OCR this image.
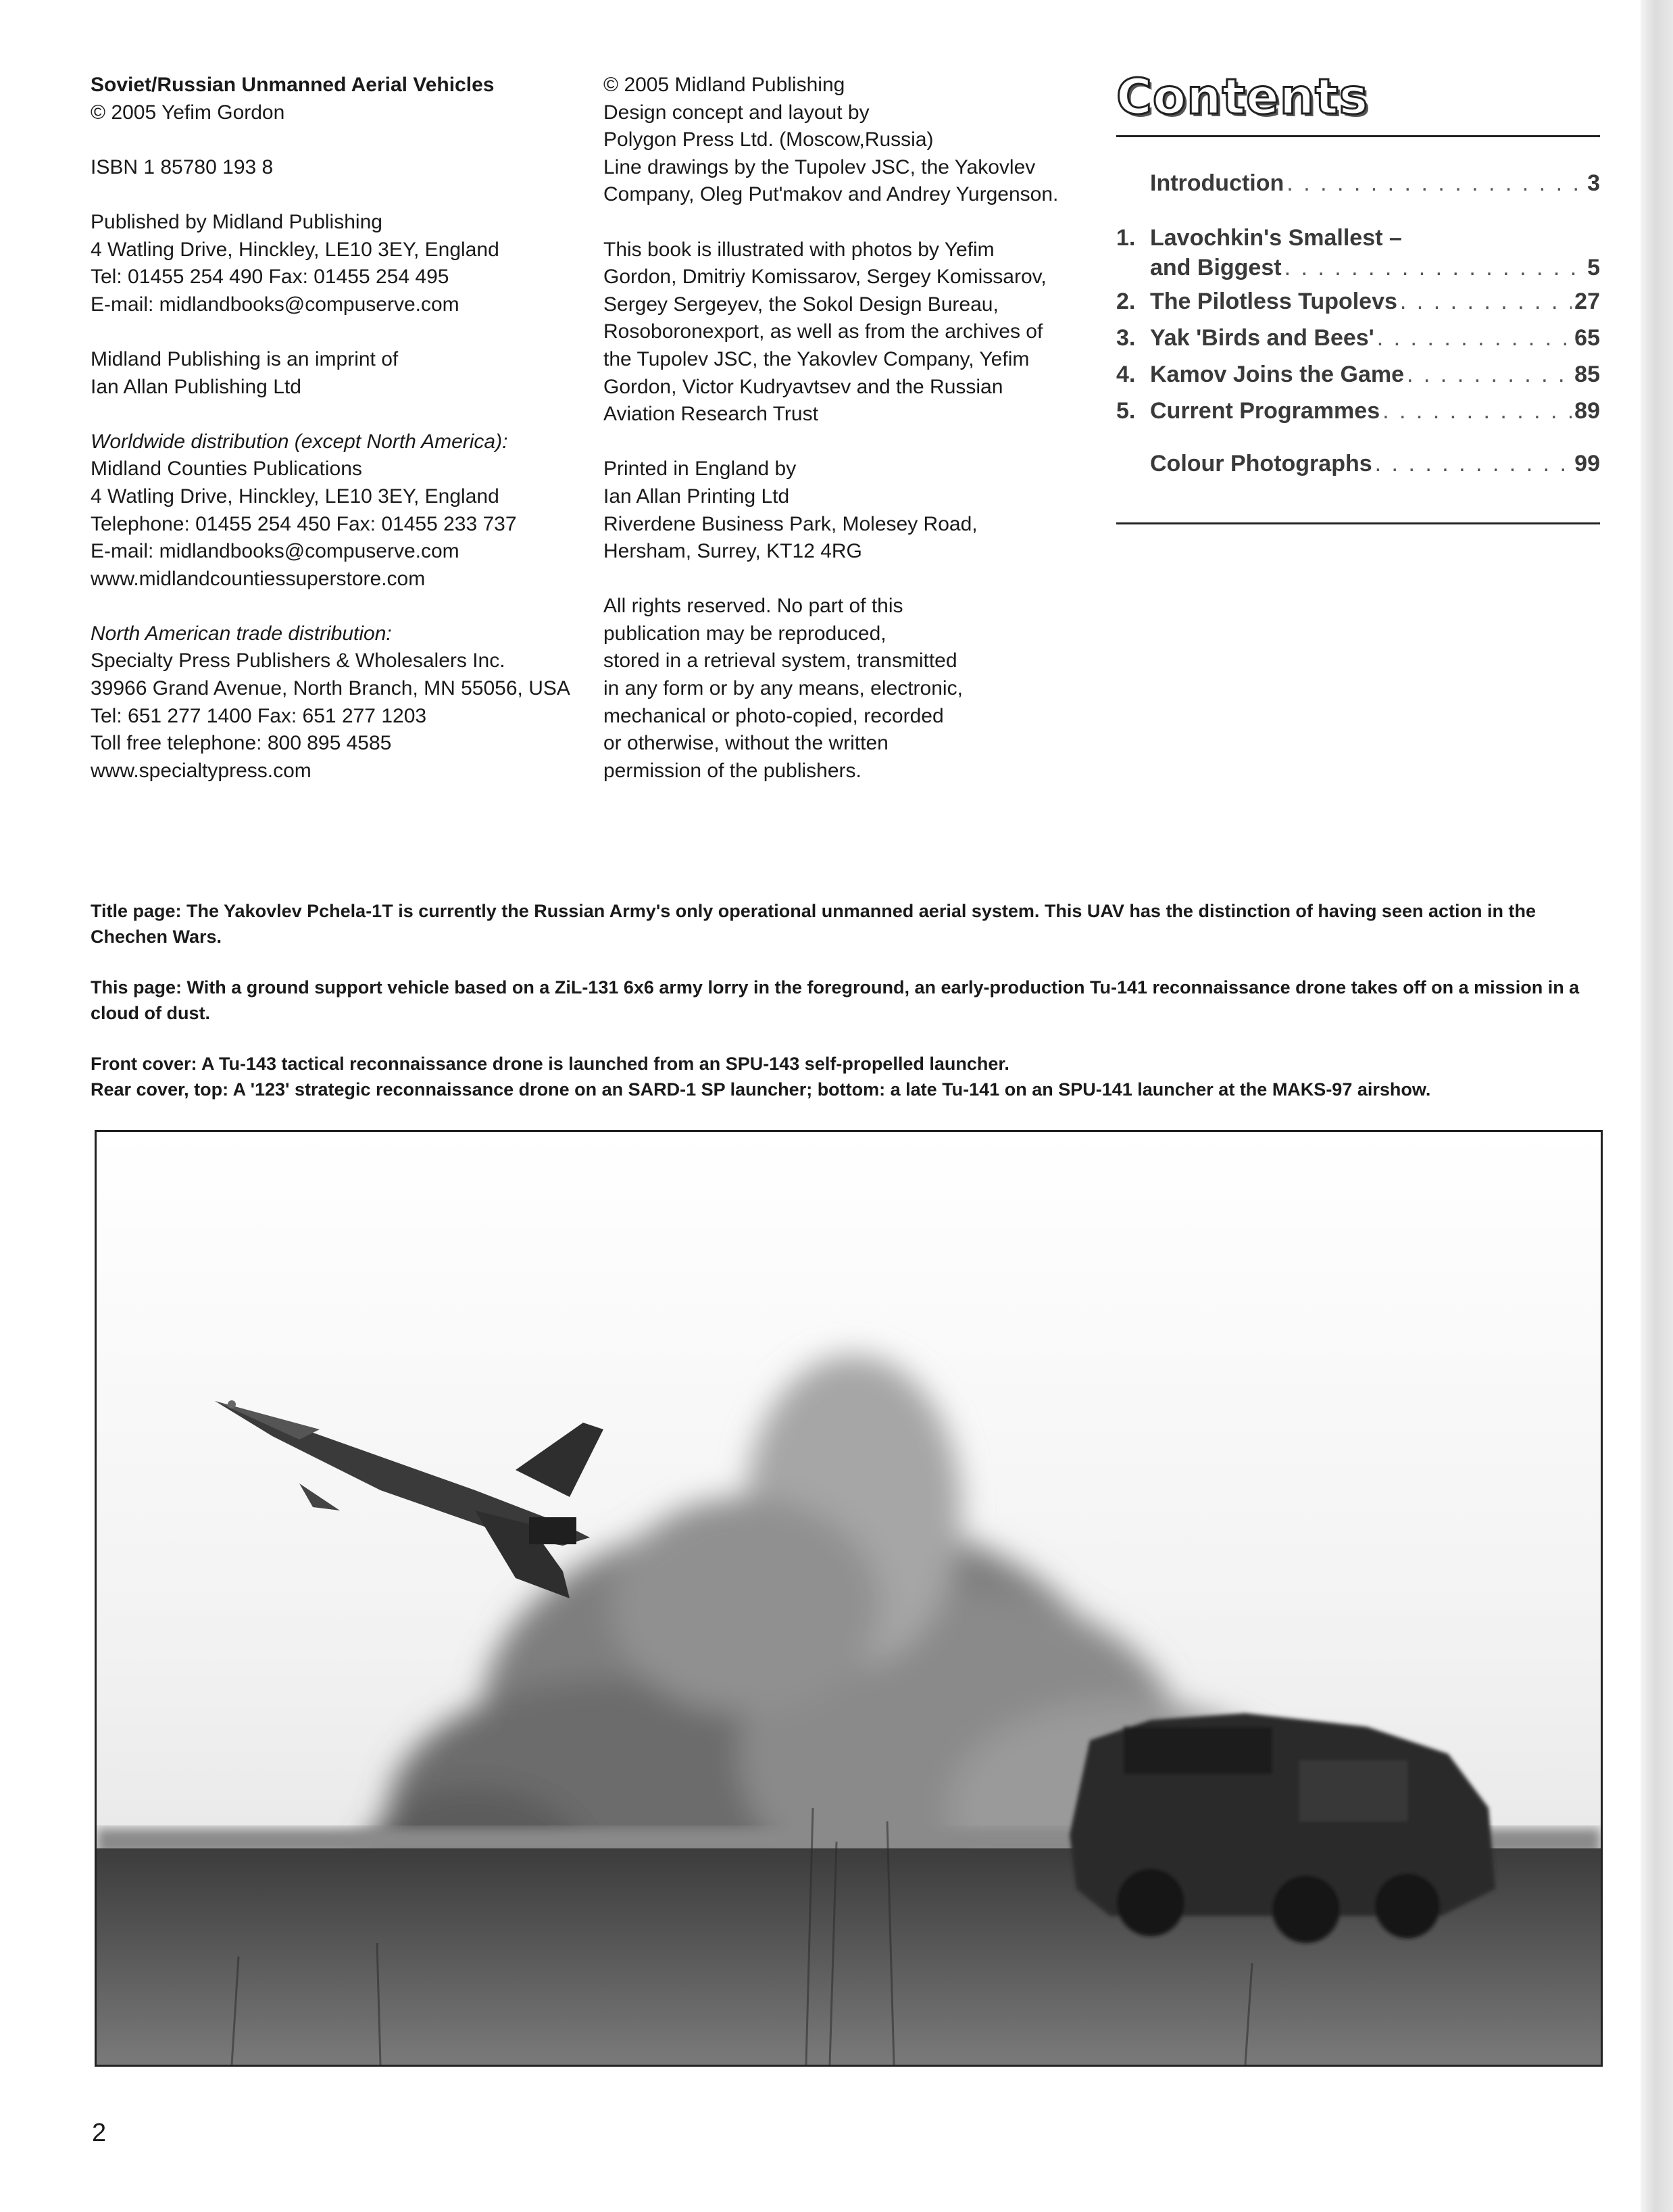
Soviet/Russian Unmanned Aerial Vehicles
© 2005 Yefim Gordon

ISBN 1 85780 193 8

Published by Midland Publishing
4 Watling Drive, Hinckley, LE10 3EY, England
Tel: 01455 254 490 Fax: 01455 254 495
E-mail: midlandbooks@compuserve.com

Midland Publishing is an imprint of
Ian Allan Publishing Ltd

Worldwide distribution (except North America):
Midland Counties Publications
4 Watling Drive, Hinckley, LE10 3EY, England
Telephone: 01455 254 450 Fax: 01455 233 737
E-mail: midlandbooks@compuserve.com
www.midlandcountiessuperstore.com

North American trade distribution:
Specialty Press Publishers & Wholesalers Inc.
39966 Grand Avenue, North Branch, MN 55056, USA
Tel: 651 277 1400 Fax: 651 277 1203
Toll free telephone: 800 895 4585
www.specialtypress.com

© 2005 Midland Publishing
Design concept and layout by
Polygon Press Ltd. (Moscow,Russia)
Line drawings by the Tupolev JSC, the Yakovlev
Company, Oleg Put'makov and Andrey Yurgenson.

This book is illustrated with photos by Yefim
Gordon, Dmitriy Komissarov, Sergey Komissarov,
Sergey Sergeyev, the Sokol Design Bureau,
Rosoboronexport, as well as from the archives of
the Tupolev JSC, the Yakovlev Company, Yefim
Gordon, Victor Kudryavtsev and the Russian
Aviation Research Trust

Printed in England by
Ian Allan Printing Ltd
Riverdene Business Park, Molesey Road,
Hersham, Surrey, KT12 4RG

All rights reserved. No part of this
publication may be reproduced,
stored in a retrieval system, transmitted
in any form or by any means, electronic,
mechanical or photo-copied, recorded
or otherwise, without the written
permission of the publishers.

Contents
Introduction . . .	3
1. Lavochkin's Smallest –
and Biggest . . .	5
2. The Pilotless Tupolevs . . .	27
3. Yak 'Birds and Bees' . . .	65
4. Kamov Joins the Game . . .	85
5. Current Programmes . . .	89
Colour Photographs . . .	99

Title page: The Yakovlev Pchela-1T is currently the Russian Army's only operational unmanned aerial system. This UAV has the distinction of having seen action in the Chechen Wars.

This page: With a ground support vehicle based on a ZiL-131 6x6 army lorry in the foreground, an early-production Tu-141 reconnaissance drone takes off on a mission in a cloud of dust.

Front cover: A Tu-143 tactical reconnaissance drone is launched from an SPU-143 self-propelled launcher.

Rear cover, top: A '123' strategic reconnaissance drone on an SARD-1 SP launcher; bottom: a late Tu-141 on an SPU-141 launcher at the MAKS-97 airshow.

2
